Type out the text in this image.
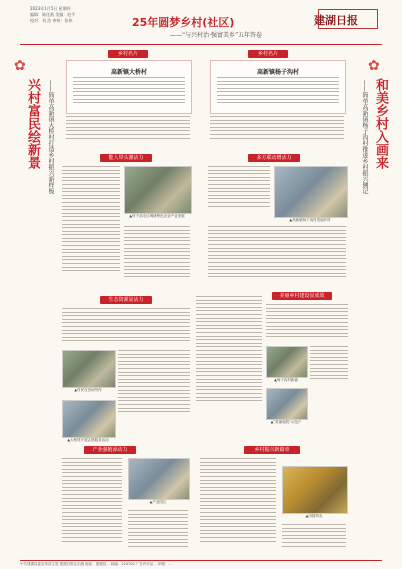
2023年1月5日 星期四
编辑：陈佳燕 美编：赵平
校对：刘 浩 审核：张伟	25年圆梦乡村(社区)
——“与兴村治·强富美乡”五年答卷
建湖日报
✿
兴村富民绘新景	——简单高新镇大桥村打造乡村振兴新样板
✿
和美乡村入画来
——简单高新镇杨子沟村推进乡村振兴侧记
乡村名片
高新镇大桥村
乡村名片
高新镇杨子沟村
能人带头激活力
▲村干部走访调研特色农业产业发展
多方联动增活力
▲高新镇杨子沟村美丽乡村
生态资源显活力
▲村民在田间劳作
▲大桥村开展志愿服务活动
美丽乡村建设显成效
▲杨子沟村新貌
▲“美丽庭院”示范户
产业强链添动力
▲产业园区
乡村振兴新篇章
▲田园风光
中共建湖县委宣传部主管 建湖日报社出版 地址：建湖县… 邮编：224700 广告许可证… 印刷：…
